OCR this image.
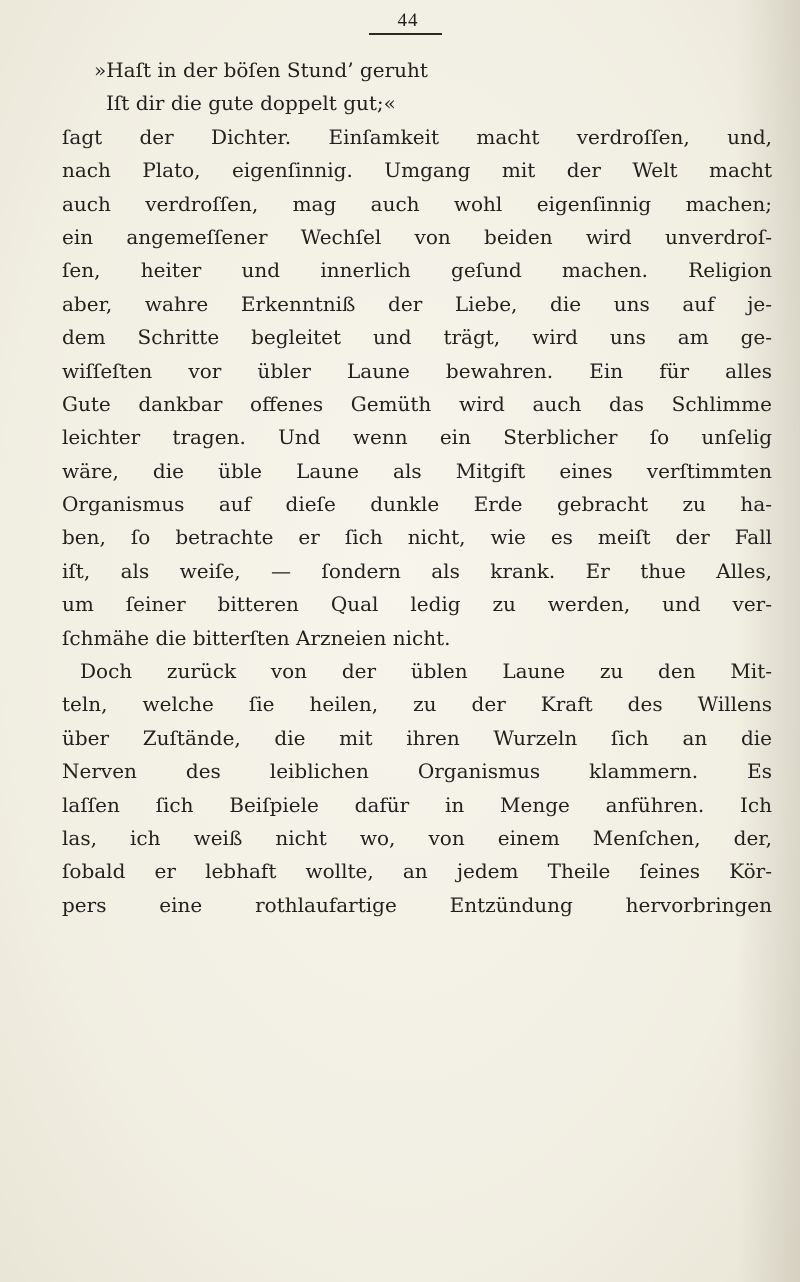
44
»Haſt in der böſen Stund’ geruht
Iſt dir die gute doppelt gut;«
ſagt der Dichter. Einſamkeit macht verdroſſen, und,
nach Plato, eigenſinnig. Umgang mit der Welt macht
auch verdroſſen, mag auch wohl eigenſinnig machen;
ein angemeſſener Wechſel von beiden wird unverdroſ-
ſen, heiter und innerlich geſund machen. Religion
aber, wahre Erkenntniß der Liebe, die uns auf je-
dem Schritte begleitet und trägt, wird uns am ge-
wiſſeſten vor übler Laune bewahren. Ein für alles
Gute dankbar offenes Gemüth wird auch das Schlimme
leichter tragen. Und wenn ein Sterblicher ſo unſelig
wäre, die üble Laune als Mitgift eines verſtimmten
Organismus auf dieſe dunkle Erde gebracht zu ha-
ben, ſo betrachte er ſich nicht, wie es meiſt der Fall
iſt, als weiſe, — ſondern als krank. Er thue Alles,
um ſeiner bitteren Qual ledig zu werden, und ver-
ſchmähe die bitterſten Arzneien nicht.
Doch zurück von der üblen Laune zu den Mit-
teln, welche ſie heilen, zu der Kraft des Willens
über Zuſtände, die mit ihren Wurzeln ſich an die
Nerven des leiblichen Organismus klammern. Es
laſſen ſich Beiſpiele dafür in Menge anführen. Ich
las, ich weiß nicht wo, von einem Menſchen, der,
ſobald er lebhaft wollte, an jedem Theile ſeines Kör-
pers eine rothlaufartige Entzündung hervorbringen
